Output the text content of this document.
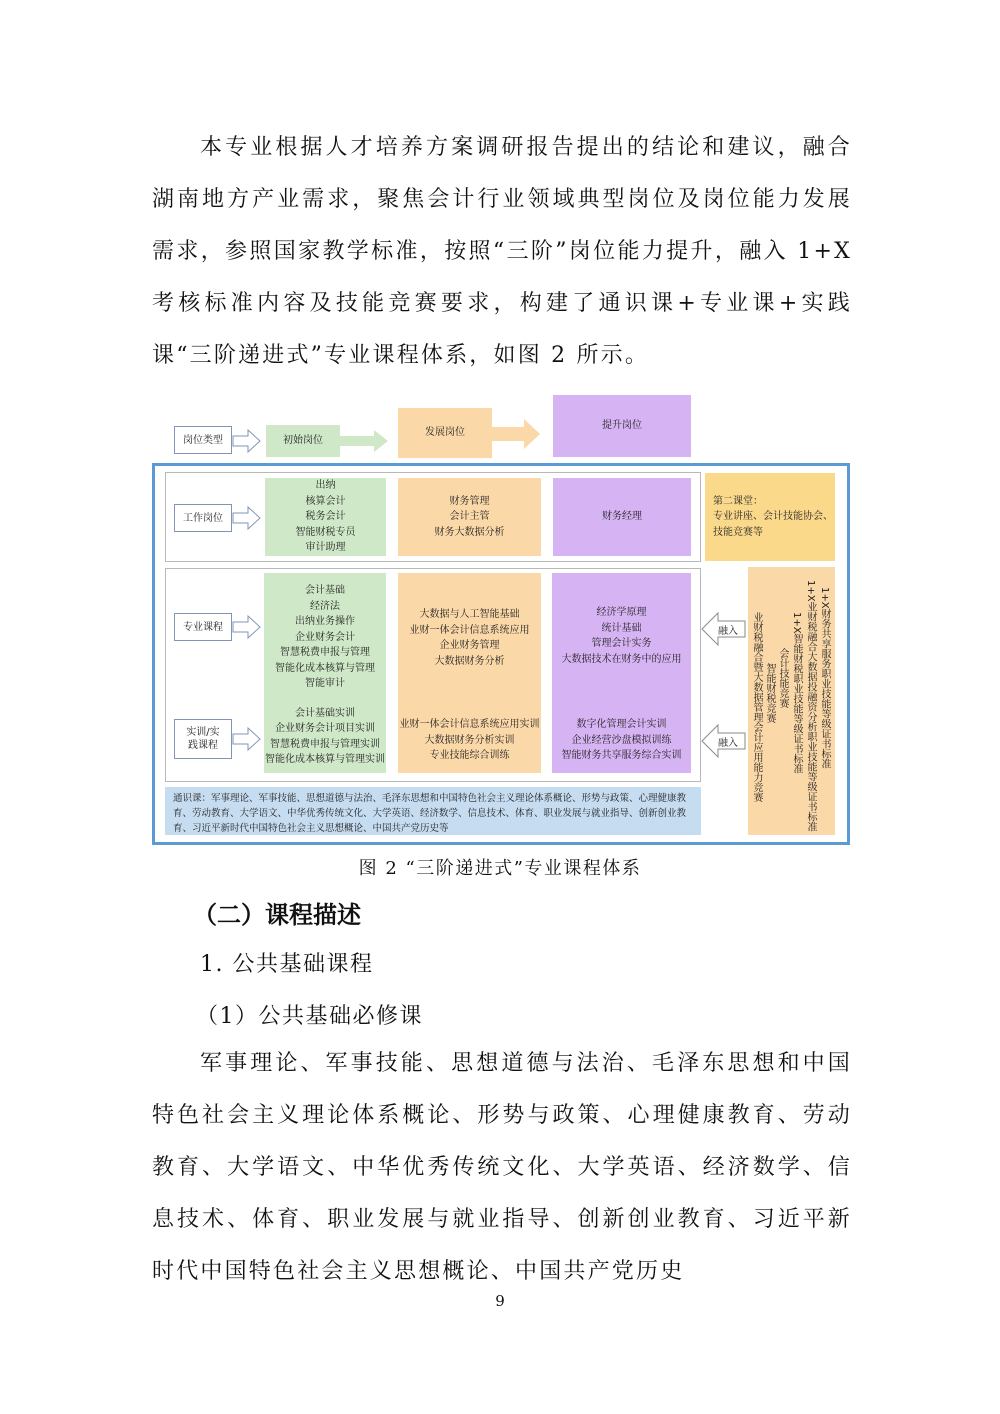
本专业根据人才培养方案调研报告提出的结论和建议，融合湖南地方产业需求，聚焦会计行业领域典型岗位及岗位能力发展需求，参照国家教学标准，按照“三阶”岗位能力提升，融入 1+X 考核标准内容及技能竞赛要求，构建了通识课+专业课+实践课“三阶递进式”专业课程体系，如图 2 所示。
岗位类型	初始岗位
发展岗位
提升岗位
工作岗位
出纳
核算会计
税务会计
智能财税专员
审计助理
财务管理
会计主管
财务大数据分析
财务经理
第二课堂：
专业讲座、会计技能协会、
技能竞赛等
专业课程
实训/实践课程
会计基础
经济法
出纳业务操作
企业财务会计
智慧税费申报与管理
智能化成本核算与管理
智能审计
会计基础实训
企业财务会计项目实训
智慧税费申报与管理实训
智能化成本核算与管理实训
大数据与人工智能基础
业财一体会计信息系统应用
企业财务管理
大数据财务分析
业财一体会计信息系统应用实训
大数据财务分析实训
专业技能综合训练
经济学原理
统计基础
管理会计实务
大数据技术在财务中的应用
数字化管理会计实训
企业经营沙盘模拟训练
智能财务共享服务综合实训
融入
融入	1+X财务共享服务职业技能等级证书标准
1+X业财税融合大数据投融资分析职业技能等级证书标准
1+X智能财税职业技能等级证书标准
会计技能竞赛
智能财税竞赛
业财税融合暨大数据管理会计应用能力竞赛
通识课：军事理论、军事技能、思想道德与法治、毛泽东思想和中国特色社会主义理论体系概论、形势与政策、心理健康教育、劳动教育、大学语文、中华优秀传统文化、大学英语、经济数学、信息技术、体育、职业发展与就业指导、创新创业教育、习近平新时代中国特色社会主义思想概论、中国共产党历史等
图 2 “三阶递进式”专业课程体系
（二）课程描述
1. 公共基础课程
（1）公共基础必修课
军事理论、军事技能、思想道德与法治、毛泽东思想和中国特色社会主义理论体系概论、形势与政策、心理健康教育、劳动教育、大学语文、中华优秀传统文化、大学英语、经济数学、信息技术、体育、职业发展与就业指导、创新创业教育、习近平新时代中国特色社会主义思想概论、中国共产党历史
9
